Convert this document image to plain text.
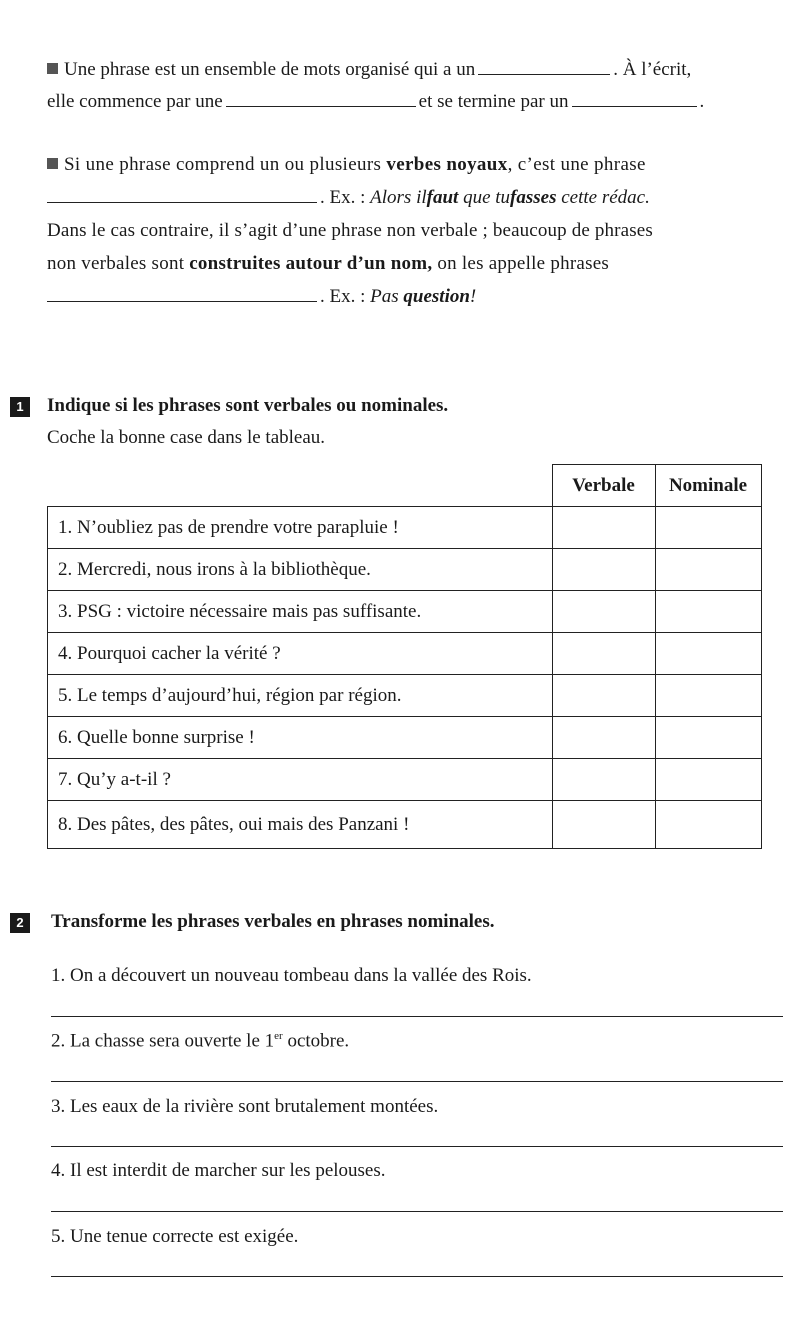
Une phrase est un ensemble de mots organisé qui a un	. À l’écrit,
elle commence par une	et se termine par un	.
Si une phrase comprend un ou plusieurs verbes noyaux, c’est une phrase
. Ex. : Alors ilfaut que tufasses cette rédac.
Dans le cas contraire, il s’agit d’une phrase non verbale ; beaucoup de phrases
non verbales sont construites autour d’un nom, on les appelle phrases
. Ex. : Pas question!
1	Indique si les phrases sont verbales ou nominales.
Coche la bonne case dans le tableau.
	Verbale	Nominale
1. N’oubliez pas de prendre votre parapluie !		
2. Mercredi, nous irons à la bibliothèque.		
3. PSG : victoire nécessaire mais pas suffisante.		
4. Pourquoi cacher la vérité ?		
5. Le temps d’aujourd’hui, région par région.		
6. Quelle bonne surprise !		
7. Qu’y a-t-il ?		
8. Des pâtes, des pâtes, oui mais des Panzani !		
2	Transforme les phrases verbales en phrases nominales.
1. On a découvert un nouveau tombeau dans la vallée des Rois.
2. La chasse sera ouverte le 1er octobre.
3. Les eaux de la rivière sont brutalement montées.
4. Il est interdit de marcher sur les pelouses.
5. Une tenue correcte est exigée.
